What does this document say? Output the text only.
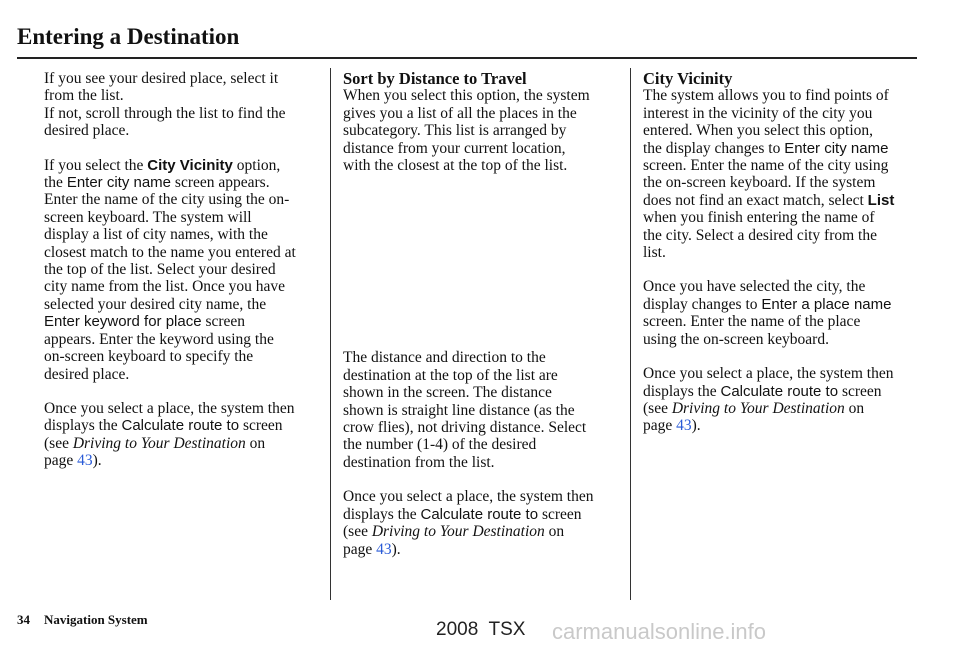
Entering a Destination

If you see your desired place, select it

from the list.

If not, scroll through the list to find the

desired place.

If you select the City Vicinity option,

the Enter city name screen appears.

Enter the name of the city using the on-

screen keyboard. The system will

display a list of city names, with the

closest match to the name you entered at

the top of the list. Select your desired

city name from the list. Once you have

selected your desired city name, the

Enter keyword for place screen

appears. Enter the keyword using the

on-screen keyboard to specify the

desired place.

Once you select a place, the system then

displays the Calculate route to screen

(see Driving to Your Destination on

page 43).

Sort by Distance to Travel

When you select this option, the system

gives you a list of all the places in the

subcategory. This list is arranged by

distance from your current location,

with the closest at the top of the list.

The distance and direction to the

destination at the top of the list are

shown in the screen. The distance

shown is straight line distance (as the

crow flies), not driving distance. Select

the number (1-4) of the desired

destination from the list.

Once you select a place, the system then

displays the Calculate route to screen

(see Driving to Your Destination on

page 43).

City Vicinity

The system allows you to find points of

interest in the vicinity of the city you

entered. When you select this option,

the display changes to Enter city name

screen. Enter the name of the city using

the on-screen keyboard. If the system

does not find an exact match, select List

when you finish entering the name of

the city. Select a desired city from the

list.

Once you have selected the city, the

display changes to Enter a place name

screen. Enter the name of the place

using the on-screen keyboard.

Once you select a place, the system then

displays the Calculate route to screen

(see Driving to Your Destination on

page 43).

34 Navigation System	2008  TSX carmanualsonline.info
